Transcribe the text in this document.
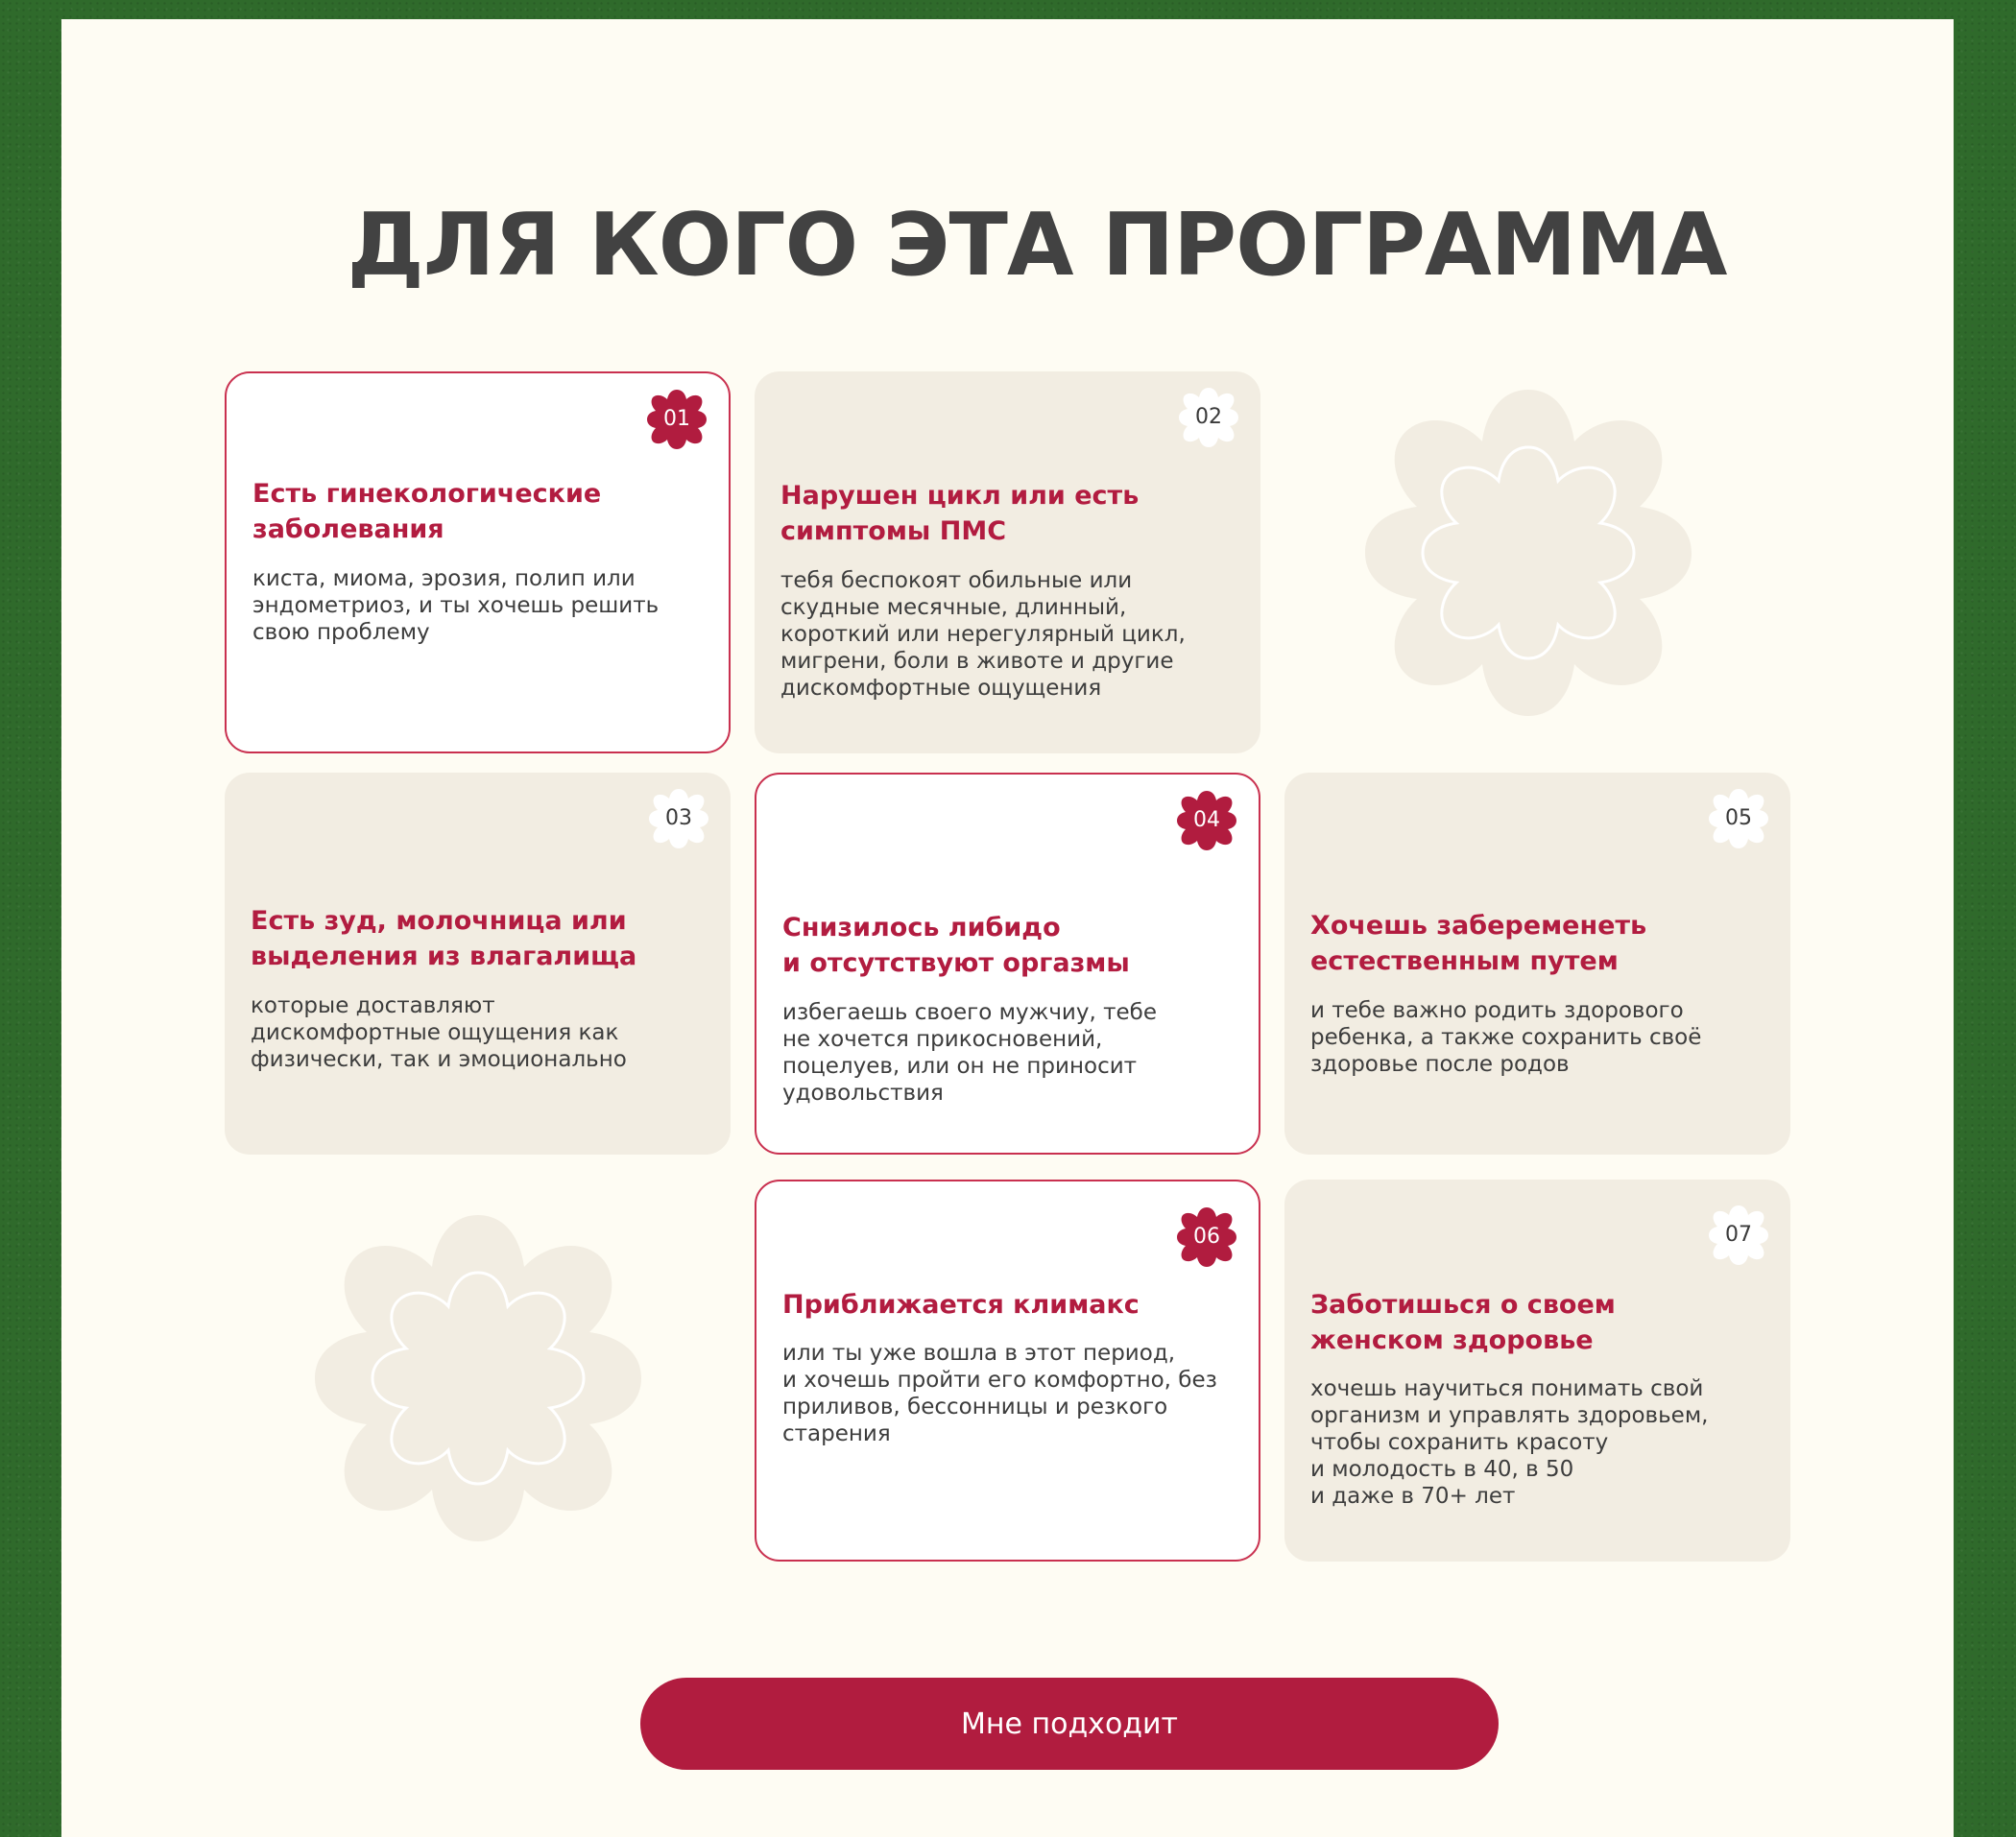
ДЛЯ КОГО ЭТА ПРОГРАММА
01
Есть гинекологические
заболевания

киста, миома, эрозия, полип или
эндометриоз, и ты хочешь решить
свою проблему

02
Нарушен цикл или есть
симптомы ПМС

тебя беспокоят обильные или
скудные месячные, длинный,
короткий или нерегулярный цикл,
мигрени, боли в животе и другие
дискомфортные ощущения

03
Есть зуд, молочница или
выделения из влагалища

которые доставляют
дискомфортные ощущения как
физически, так и эмоционально

04
Снизилось либидо
и отсутствуют оргазмы

избегаешь своего мужчиу, тебе
не хочется прикосновений,
поцелуев, или он не приносит
удовольствия

05
Хочешь забеременеть
естественным путем

и тебе важно родить здорового
ребенка, а также сохранить своё
здоровье после родов

06
Приближается климакс

или ты уже вошла в этот период,
и хочешь пройти его комфортно, без
приливов, бессонницы и резкого
старения

07
Заботишься о своем
женском здоровье

хочешь научиться понимать свой
организм и управлять здоровьем,
чтобы сохранить красоту
и молодость в 40, в 50
и даже в 70+ лет

Мне подходит
